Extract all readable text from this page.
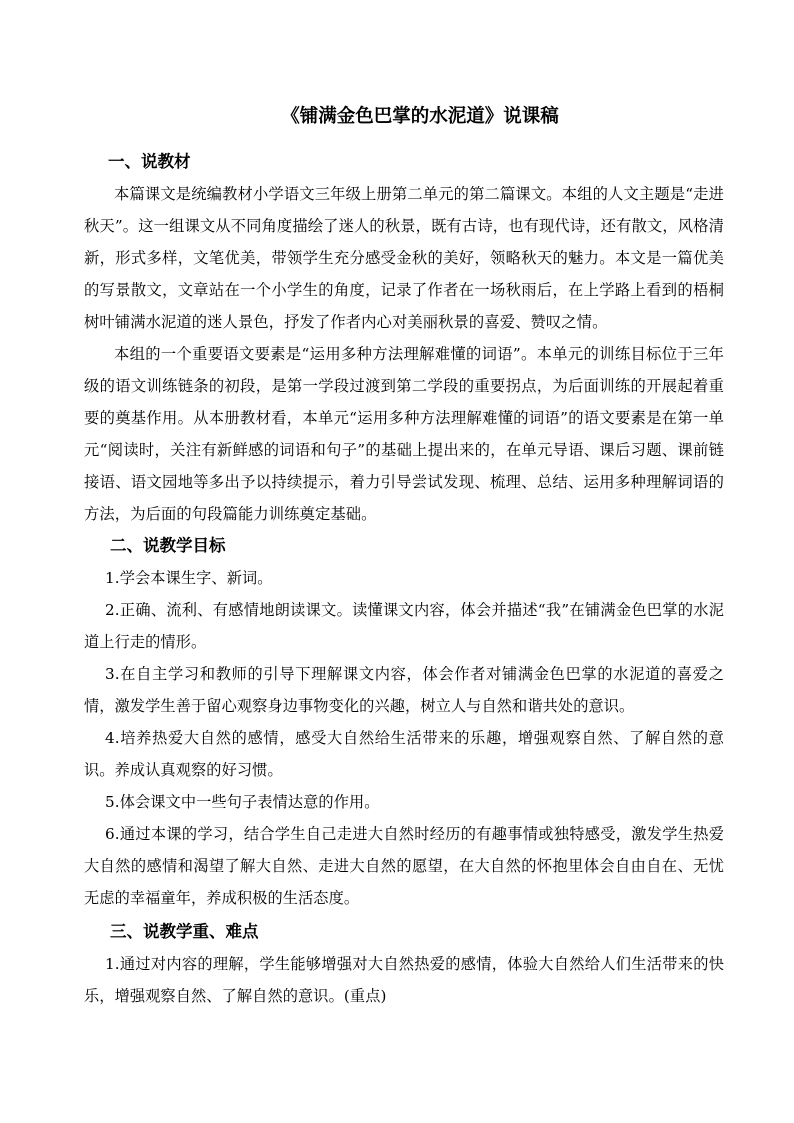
《铺满金色巴掌的水泥道》说课稿
一、说教材

本篇课文是统编教材小学语文三年级上册第二单元的第二篇课文。本组的人文主题是“走进秋天”。这一组课文从不同角度描绘了迷人的秋景，既有古诗，也有现代诗，还有散文，风格清新，形式多样，文笔优美，带领学生充分感受金秋的美好，领略秋天的魅力。本文是一篇优美的写景散文，文章站在一个小学生的角度，记录了作者在一场秋雨后，在上学路上看到的梧桐树叶铺满水泥道的迷人景色，抒发了作者内心对美丽秋景的喜爱、赞叹之情。

本组的一个重要语文要素是“运用多种方法理解难懂的词语”。本单元的训练目标位于三年级的语文训练链条的初段，是第一学段过渡到第二学段的重要拐点，为后面训练的开展起着重要的奠基作用。从本册教材看，本单元“运用多种方法理解难懂的词语”的语文要素是在第一单元“阅读时，关注有新鲜感的词语和句子”的基础上提出来的，在单元导语、课后习题、课前链接语、语文园地等多出予以持续提示，着力引导尝试发现、梳理、总结、运用多种理解词语的方法，为后面的句段篇能力训练奠定基础。

二、说教学目标

1.学会本课生字、新词。

2.正确、流利、有感情地朗读课文。读懂课文内容，体会并描述“我”在铺满金色巴掌的水泥道上行走的情形。

3.在自主学习和教师的引导下理解课文内容，体会作者对铺满金色巴掌的水泥道的喜爱之情，激发学生善于留心观察身边事物变化的兴趣，树立人与自然和谐共处的意识。

4.培养热爱大自然的感情，感受大自然给生活带来的乐趣，增强观察自然、了解自然的意识。养成认真观察的好习惯。

5.体会课文中一些句子表情达意的作用。

6.通过本课的学习，结合学生自己走进大自然时经历的有趣事情或独特感受，激发学生热爱大自然的感情和渴望了解大自然、走进大自然的愿望，在大自然的怀抱里体会自由自在、无忧无虑的幸福童年，养成积极的生活态度。

三、说教学重、难点

1.通过对内容的理解，学生能够增强对大自然热爱的感情，体验大自然给人们生活带来的快乐，增强观察自然、了解自然的意识。(重点)
